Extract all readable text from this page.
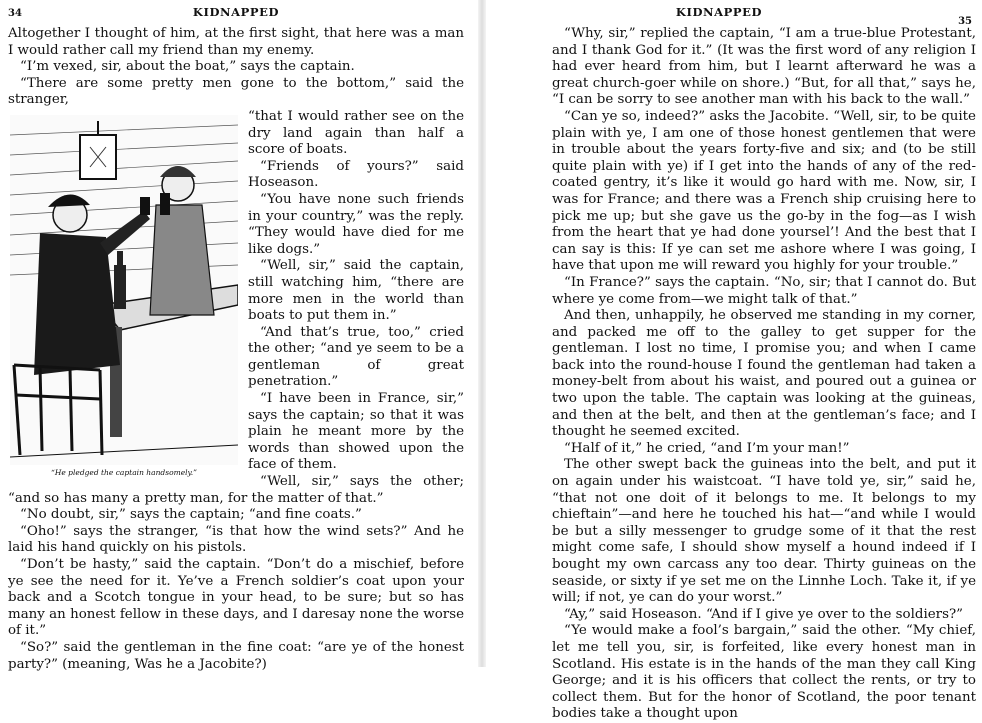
34	KIDNAPPED

Altogether I thought of him, at the first sight, that here was a man I would rather call my friend than my enemy.

“I’m vexed, sir, about the boat,” says the captain.

“There are some pretty men gone to the bottom,” said the stranger,

“He pledged the captain handsomely.”

“that I would rather see on the dry land again than half a score of boats.

“Friends of yours?” said Hoseason.

“You have none such friends in your country,” was the reply. “They would have died for me like dogs.”

“Well, sir,” said the captain, still watching him, “there are more men in the world than boats to put them in.”

“And that’s true, too,” cried the other; “and ye seem to be a gentleman of great penetration.”

“I have been in France, sir,” says the captain; so that it was plain he meant more by the words than showed upon the face of them.

“Well, sir,” says the other; “and so has many a pretty man, for the matter of that.”

“No doubt, sir,” says the captain; “and fine coats.”

“Oho!” says the stranger, “is that how the wind sets?” And he laid his hand quickly on his pistols.

“Don’t be hasty,” said the captain. “Don’t do a mischief, before ye see the need for it. Ye’ve a French soldier’s coat upon your back and a Scotch tongue in your head, to be sure; but so has many an honest fellow in these days, and I daresay none the worse of it.”

“So?” said the gentleman in the fine coat: “are ye of the honest party?” (meaning, Was he a Jacobite?)

KIDNAPPED
35

“Why, sir,” replied the captain, “I am a true-blue Protestant, and I thank God for it.” (It was the first word of any religion I had ever heard from him, but I learnt afterward he was a great church-goer while on shore.) “But, for all that,” says he, “I can be sorry to see another man with his back to the wall.”

“Can ye so, indeed?” asks the Jacobite. “Well, sir, to be quite plain with ye, I am one of those honest gentlemen that were in trouble about the years forty-five and six; and (to be still quite plain with ye) if I get into the hands of any of the red-coated gentry, it’s like it would go hard with me. Now, sir, I was for France; and there was a French ship cruising here to pick me up; but she gave us the go-by in the fog—as I wish from the heart that ye had done yoursel’! And the best that I can say is this: If ye can set me ashore where I was going, I have that upon me will reward you highly for your trouble.”

“In France?” says the captain. “No, sir; that I cannot do. But where ye come from—we might talk of that.”

And then, unhappily, he observed me standing in my corner, and packed me off to the galley to get supper for the gentleman. I lost no time, I promise you; and when I came back into the round-house I found the gentleman had taken a money-belt from about his waist, and poured out a guinea or two upon the table. The captain was looking at the guineas, and then at the belt, and then at the gentleman’s face; and I thought he seemed excited.

“Half of it,” he cried, “and I’m your man!”

The other swept back the guineas into the belt, and put it on again under his waistcoat. “I have told ye, sir,” said he, “that not one doit of it belongs to me. It belongs to my chieftain”—and here he touched his hat—“and while I would be but a silly messenger to grudge some of it that the rest might come safe, I should show myself a hound indeed if I bought my own carcass any too dear. Thirty guineas on the seaside, or sixty if ye set me on the Linnhe Loch. Take it, if ye will; if not, ye can do your worst.”

“Ay,” said Hoseason. “And if I give ye over to the soldiers?”

“Ye would make a fool’s bargain,” said the other. “My chief, let me tell you, sir, is forfeited, like every honest man in Scotland. His estate is in the hands of the man they call King George; and it is his officers that collect the rents, or try to collect them. But for the honor of Scotland, the poor tenant bodies take a thought upon
